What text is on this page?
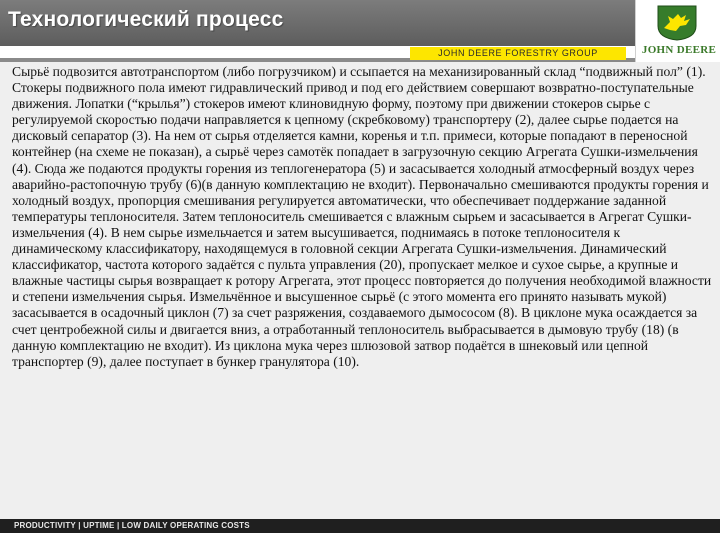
Технологический процесс
JOHN DEERE FORESTRY GROUP	JOHN DEERE

Сырьё подвозится автотранспортом (либо погрузчиком) и ссыпается на механизированный склад “подвижный пол” (1). Стокеры подвижного пола имеют гидравлический привод и под его действием совершают возвратно-поступательные движения. Лопатки (“крылья”) стокеров имеют клиновидную форму, поэтому при движении стокеров сырье с регулируемой скоростью подачи направляется к цепному (скребковому) транспортеру (2), далее сырье подается на дисковый сепаратор (3). На нем от сырья отделяется камни, коренья и т.п. примеси, которые попадают в переносной контейнер (на схеме не показан), а сырьё через самотёк попадает в загрузочную секцию Агрегата Сушки-измельчения (4). Сюда же подаются продукты горения из теплогенератора (5) и засасывается холодный атмосферный воздух через аварийно-растопочную трубу (6)(в данную комплектацию не входит). Первоначально смешиваются продукты горения и холодный воздух, пропорция смешивания регулируется автоматически, что обеспечивает поддержание заданной температуры теплоносителя. Затем теплоноситель смешивается с влажным сырьем и засасывается в Агрегат Сушки-измельчения (4). В нем сырье измельчается и затем высушивается, поднимаясь в потоке теплоносителя к динамическому классификатору, находящемуся в головной секции Агрегата Сушки-измельчения. Динамический классификатор, частота которого задаётся с пульта управления (20), пропускает мелкое и сухое сырье, а крупные и влажные частицы сырья возвращает к ротору Агрегата, этот процесс повторяется до получения необходимой влажности и степени измельчения сырья. Измельчённое и высушенное сырьё (с этого момента его принято называть мукой) засасывается в осадочный циклон (7) за счет разряжения, создаваемого дымососом (8). В циклоне мука осаждается за счет центробежной силы и двигается вниз, а отработанный теплоноситель выбрасывается в дымовую трубу (18) (в данную комплектацию не входит). Из циклона мука через шлюзовой затвор подаётся в шнековый или цепной транспортер (9), далее поступает в бункер гранулятора (10).

PRODUCTIVITY | UPTIME | LOW DAILY OPERATING COSTS
